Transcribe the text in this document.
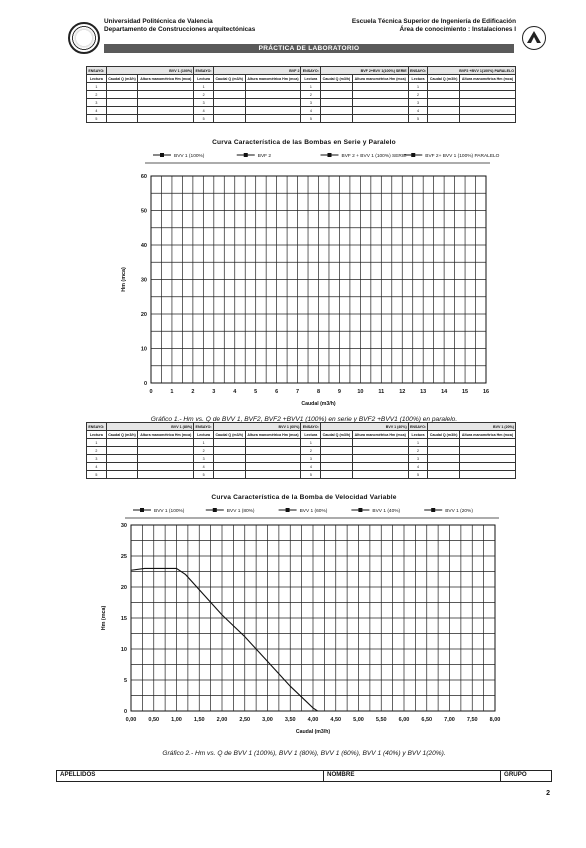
Universidad Politécnica de Valencia
Departamento de Construcciones arquitectónicas
Escuela Técnica Superior de Ingeniería de Edificación
Área de conocimiento : Instalaciones I
PRÁCTICA DE LABORATORIO
ENSAYO:	BVV 1 (100%)		ENSAYO:	BVF 2		ENSAYO:	BVF 2+BVV 1(100%) SERIE		ENSAYO:	BVF2 +BVV 1(100%) PARALELO	
Lectura	Caudal Q (m3/h)	Altura manométrica Hm (mca)	Lectura	Caudal Q (m3/h)	Altura manométrica Hm (mca)	Lectura	Caudal Q (m3/h)	Altura manométrica Hm (mca)	Lectura	Caudal Q (m3/h)	Altura manométrica Hm (mca)
1			1			1			1		
2			2			2			2		
3			3			3			3		
4			4			4			4		
5			5			5			5		
Curva Característica de las Bombas en Serie y Paralelo
BVV 1 (100%)	BVF 2	BVF 2 + BVV 1 (100%) SERIE	BVF 2+ BVV 1 (100%) PARALELO
0
10
20
30
40
50
60
0	1	2	3	4	5	6	7	8	9	10	11	12	13	14	15	16
Hm (mca)
Caudal (m3/h)
Gráfico 1.- Hm vs. Q de BVV 1, BVF2, BVF2 +BVV1 (100%) en serie y BVF2 +BVV1 (100%) en paralelo.
ENSAYO:	BVV 1 (80%)		ENSAYO:	BVV 1 (60%)		ENSAYO:	BVV 1 (40%)		ENSAYO:	BVV 1 (20%)	
Lectura	Caudal Q (m3/h)	Altura manométrica Hm (mca)	Lectura	Caudal Q (m3/h)	Altura manométrica Hm (mca)	Lectura	Caudal Q (m3/h)	Altura manométrica Hm (mca)	Lectura	Caudal Q (m3/h)	Altura manométrica Hm (mca)
1			1			1			1		
2			2			2			2		
3			3			3			3		
4			4			4			4		
5			5			5			5		
Curva Característica de la Bomba de Velocidad Variable
BVV 1 (100%)	BVV 1 (80%)	BVV 1 (60%)	BVV 1 (40%)	BVV 1 (20%)
0
5
10
15
20
25
30
0,00 0,50 1,00 1,50 2,00 2,50 3,00 3,50 4,00 4,50 5,00 5,50 6,00 6,50 7,00 7,50 8,00
Hm (mca)
Caudal (m3/h)
Gráfico 2.- Hm vs. Q de BVV 1 (100%), BVV 1 (80%), BVV 1 (60%), BVV 1 (40%) y BVV 1(20%).
APELLIDOS	NOMBRE	GRUPO
2
